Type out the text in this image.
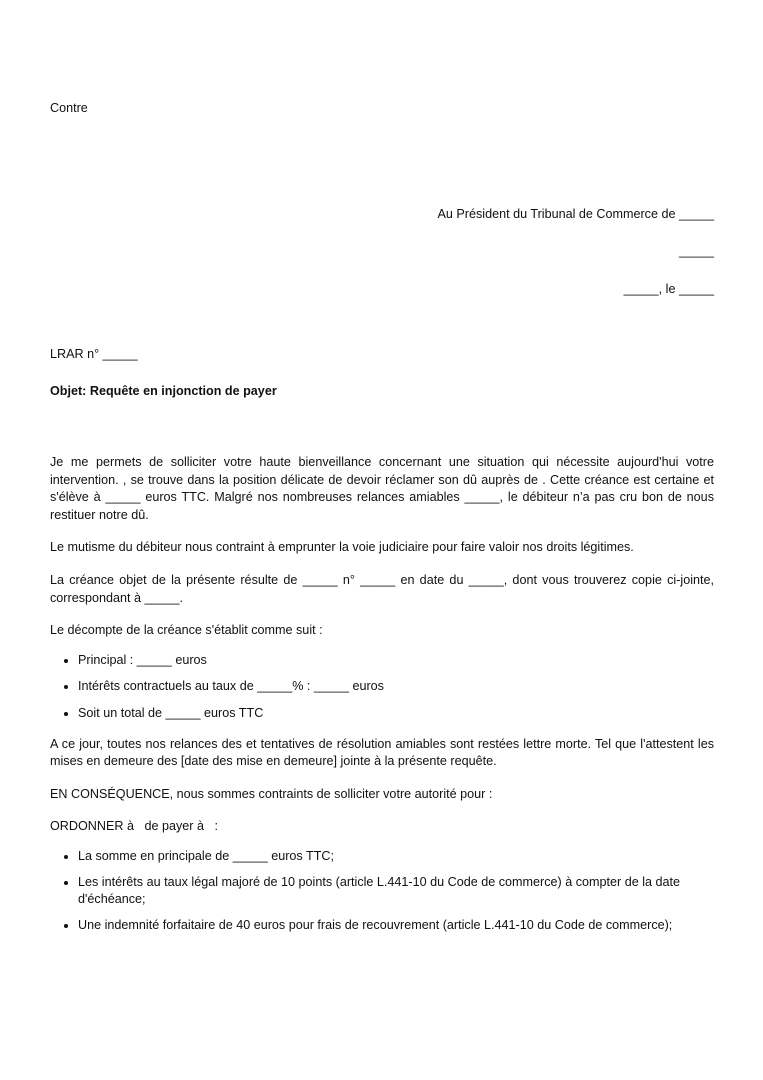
Contre
Au Président du Tribunal de Commerce de _____
_____
_____, le _____
LRAR n° _____
Objet: Requête en injonction de payer

Je me permets de solliciter votre haute bienveillance concernant une situation qui nécessite aujourd'hui votre intervention. , se trouve dans la position délicate de devoir réclamer son dû auprès de . Cette créance est certaine et s'élève à _____ euros TTC. Malgré nos nombreuses relances amiables _____, le débiteur n’a pas cru bon de nous restituer notre dû.

Le mutisme du débiteur nous contraint à emprunter la voie judiciaire pour faire valoir nos droits légitimes.

La créance objet de la présente résulte de _____ n° _____ en date du _____, dont vous trouverez copie ci-jointe, correspondant à _____.

Le décompte de la créance s'établit comme suit :

• Principal : _____ euros
• Intérêts contractuels au taux de _____% : _____ euros
• Soit un total de _____ euros TTC

A ce jour, toutes nos relances des et tentatives de résolution amiables sont restées lettre morte. Tel que l'attestent les mises en demeure des [date des mise en demeure] jointe à la présente requête.

EN CONSÉQUENCE, nous sommes contraints de solliciter votre autorité pour :

ORDONNER à   de payer à   :

• La somme en principale de _____ euros TTC;
• Les intérêts au taux légal majoré de 10 points (article L.441-10 du Code de commerce) à compter de la date d'échéance;
• Une indemnité forfaitaire de 40 euros pour frais de recouvrement (article L.441-10 du Code de commerce);
